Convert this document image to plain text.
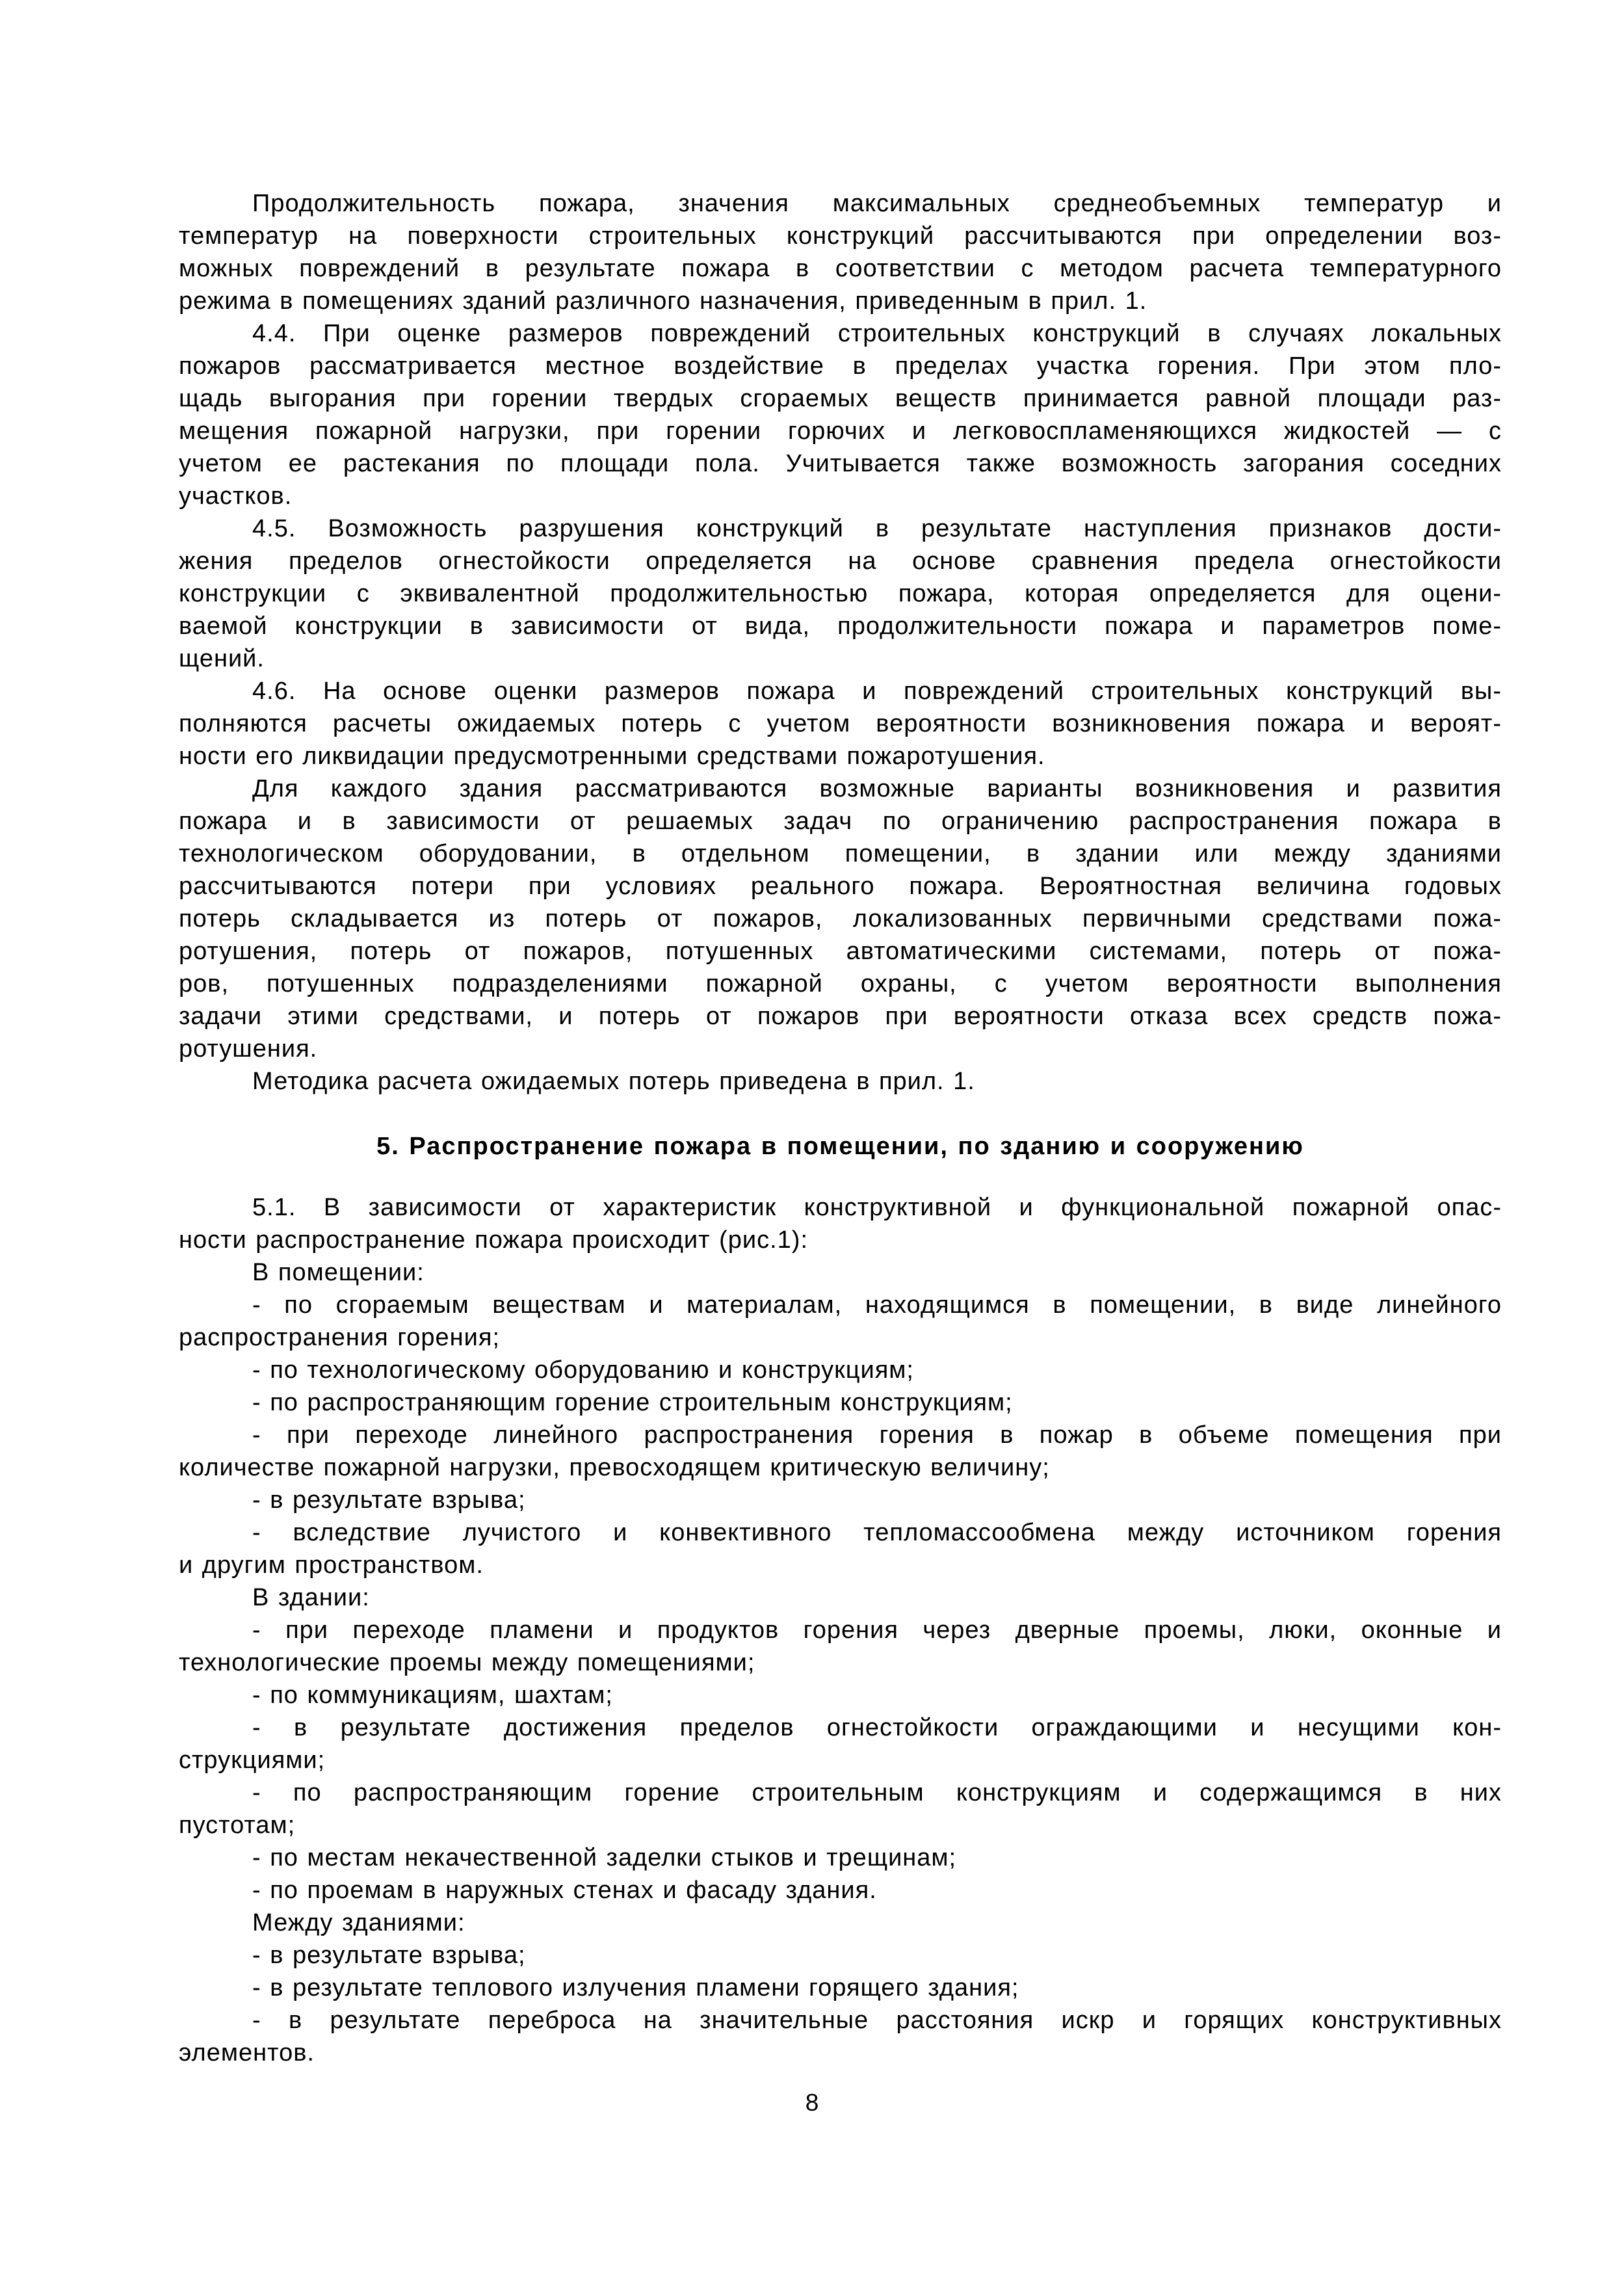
Продолжительность пожара, значения максимальных среднеобъемных температур и
температур на поверхности строительных конструкций рассчитываются при определении воз-
можных повреждений в результате пожара в соответствии с методом расчета температурного
режима в помещениях зданий различного назначения, приведенным в прил. 1.
4.4. При оценке размеров повреждений строительных конструкций в случаях локальных
пожаров рассматривается местное воздействие в пределах участка горения. При этом пло-
щадь выгорания при горении твердых сгораемых веществ принимается равной площади раз-
мещения пожарной нагрузки, при горении горючих и легковоспламеняющихся жидкостей — с
учетом ее растекания по площади пола. Учитывается также возможность загорания соседних
участков.
4.5. Возможность разрушения конструкций в результате наступления признаков дости-
жения пределов огнестойкости определяется на основе сравнения предела огнестойкости
конструкции с эквивалентной продолжительностью пожара, которая определяется для оцени-
ваемой конструкции в зависимости от вида, продолжительности пожара и параметров поме-
щений.
4.6. На основе оценки размеров пожара и повреждений строительных конструкций вы-
полняются расчеты ожидаемых потерь с учетом вероятности возникновения пожара и вероят-
ности его ликвидации предусмотренными средствами пожаротушения.
Для каждого здания рассматриваются возможные варианты возникновения и развития
пожара и в зависимости от решаемых задач по ограничению распространения пожара в
технологическом оборудовании, в отдельном помещении, в здании или между зданиями
рассчитываются потери при условиях реального пожара. Вероятностная величина годовых
потерь складывается из потерь от пожаров, локализованных первичными средствами пожа-
ротушения, потерь от пожаров, потушенных автоматическими системами, потерь от пожа-
ров, потушенных подразделениями пожарной охраны, с учетом вероятности выполнения
задачи этими средствами, и потерь от пожаров при вероятности отказа всех средств пожа-
ротушения.
Методика расчета ожидаемых потерь приведена в прил. 1.
5. Распространение пожара в помещении, по зданию и сооружению
5.1. В зависимости от характеристик конструктивной и функциональной пожарной опас-
ности распространение пожара происходит (рис.1):
В помещении:
- по сгораемым веществам и материалам, находящимся в помещении, в виде линейного
распространения горения;
- по технологическому оборудованию и конструкциям;
- по распространяющим горение строительным конструкциям;
- при переходе линейного распространения горения в пожар в объеме помещения при
количестве пожарной нагрузки, превосходящем критическую величину;
- в результате взрыва;
- вследствие лучистого и конвективного тепломассообмена между источником горения
и другим пространством.
В здании:
- при переходе пламени и продуктов горения через дверные проемы, люки, оконные и
технологические проемы между помещениями;
- по коммуникациям, шахтам;
- в результате достижения пределов огнестойкости ограждающими и несущими кон-
струкциями;
- по распространяющим горение строительным конструкциям и содержащимся в них
пустотам;
- по местам некачественной заделки стыков и трещинам;
- по проемам в наружных стенах и фасаду здания.
Между зданиями:
- в результате взрыва;
- в результате теплового излучения пламени горящего здания;
- в результате переброса на значительные расстояния искр и горящих конструктивных
элементов.
8
